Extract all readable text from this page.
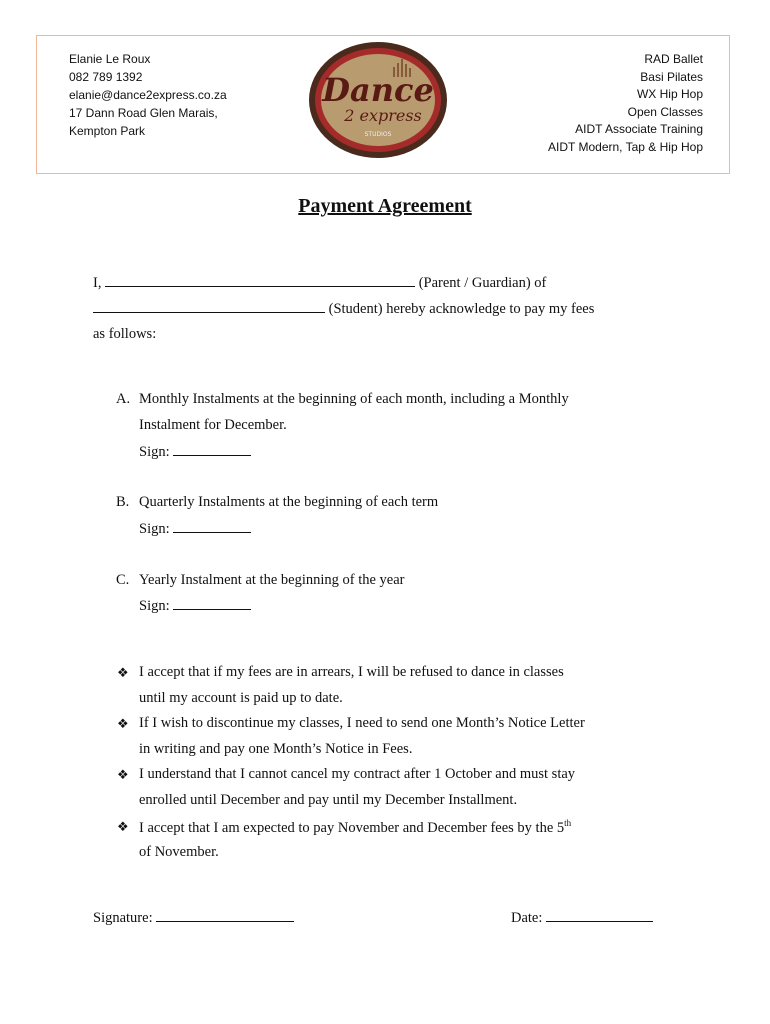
Elanie Le Roux
082 789 1392
elanie@dance2express.co.za
17 Dann Road Glen Marais,
Kempton Park
Dance
2 express
STUDIOS
RAD Ballet
Basi Pilates
WX Hip Hop
Open Classes
AIDT Associate Training
AIDT Modern, Tap & Hip Hop
Payment Agreement
I,	(Parent / Guardian) of
(Student) hereby acknowledge to pay my fees
as follows:
A. Monthly Instalments at the beginning of each month, including a Monthly
Instalment for December.
Sign:
B. Quarterly Instalments at the beginning of each term
Sign:
C. Yearly Instalment at the beginning of the year
Sign:
❖ I accept that if my fees are in arrears, I will be refused to dance in classes
until my account is paid up to date.
❖ If I wish to discontinue my classes, I need to send one Month’s Notice Letter
in writing and pay one Month’s Notice in Fees.
❖ I understand that I cannot cancel my contract after 1 October and must stay
enrolled until December and pay until my December Installment.
❖ I accept that I am expected to pay November and December fees by the 5th
of November.
Signature:	Date:
